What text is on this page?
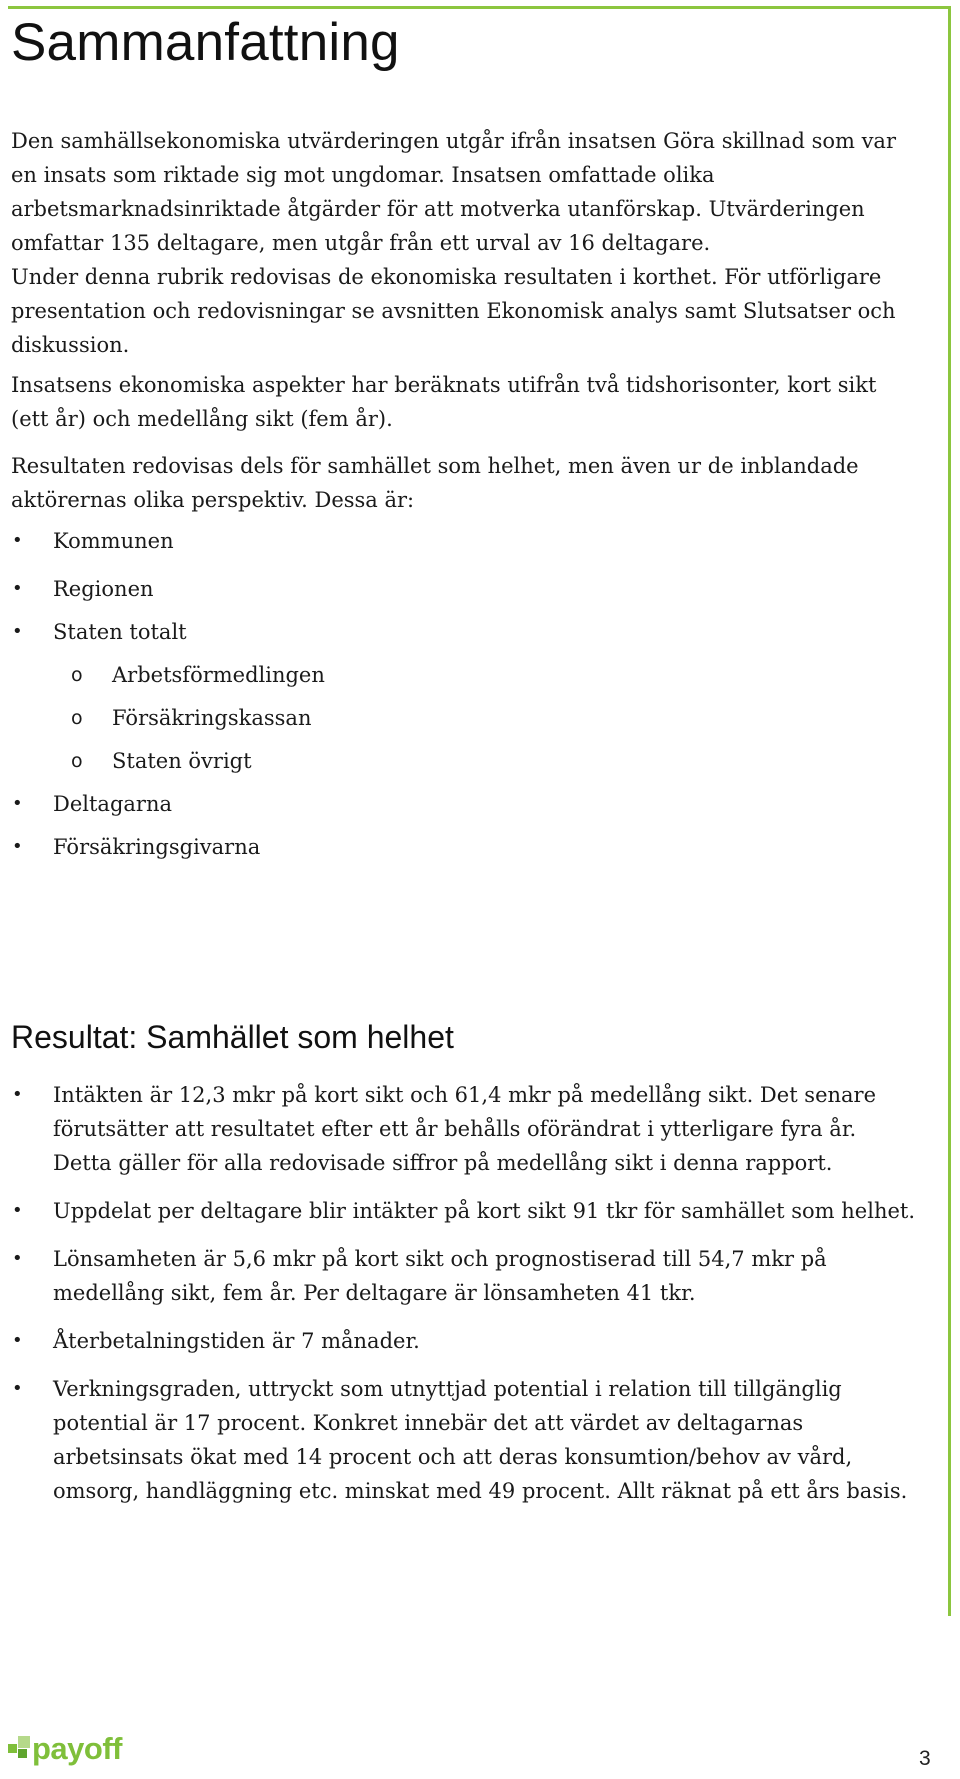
Sammanfattning

Den samhällsekonomiska utvärderingen utgår ifrån insatsen Göra skillnad som var en insats som riktade sig mot ungdomar. Insatsen omfattade olika arbetsmarknadsinriktade åtgärder för att motverka utanförskap. Utvärderingen omfattar 135 deltagare, men utgår från ett urval av 16 deltagare.

Under denna rubrik redovisas de ekonomiska resultaten i korthet. För utförligare presentation och redovisningar se avsnitten Ekonomisk analys samt Slutsatser och diskussion.

Insatsens ekonomiska aspekter har beräknats utifrån två tidshorisonter, kort sikt (ett år) och medellång sikt (fem år).

Resultaten redovisas dels för samhället som helhet, men även ur de inblandade aktörernas olika perspektiv. Dessa är:

• Kommunen
• Regionen
• Staten totalt
o Arbetsförmedlingen
o Försäkringskassan
o Staten övrigt
• Deltagarna
• Försäkringsgivarna
Resultat: Samhället som helhet
• Intäkten är 12,3 mkr på kort sikt och 61,4 mkr på medellång sikt. Det senare förutsätter att resultatet efter ett år behålls oförändrat i ytterligare fyra år. Detta gäller för alla redovisade siffror på medellång sikt i denna rapport.
• Uppdelat per deltagare blir intäkter på kort sikt 91 tkr för samhället som helhet.
• Lönsamheten är 5,6 mkr på kort sikt och prognostiserad till 54,7 mkr på medellång sikt, fem år. Per deltagare är lönsamheten 41 tkr.
• Återbetalningstiden är 7 månader.
• Verkningsgraden, uttryckt som utnyttjad potential i relation till tillgänglig potential är 17 procent. Konkret innebär det att värdet av deltagarnas arbetsinsats ökat med 14 procent och att deras konsumtion/behov av vård, omsorg, handläggning etc. minskat med 49 procent. Allt räknat på ett års basis.
payoff	3
